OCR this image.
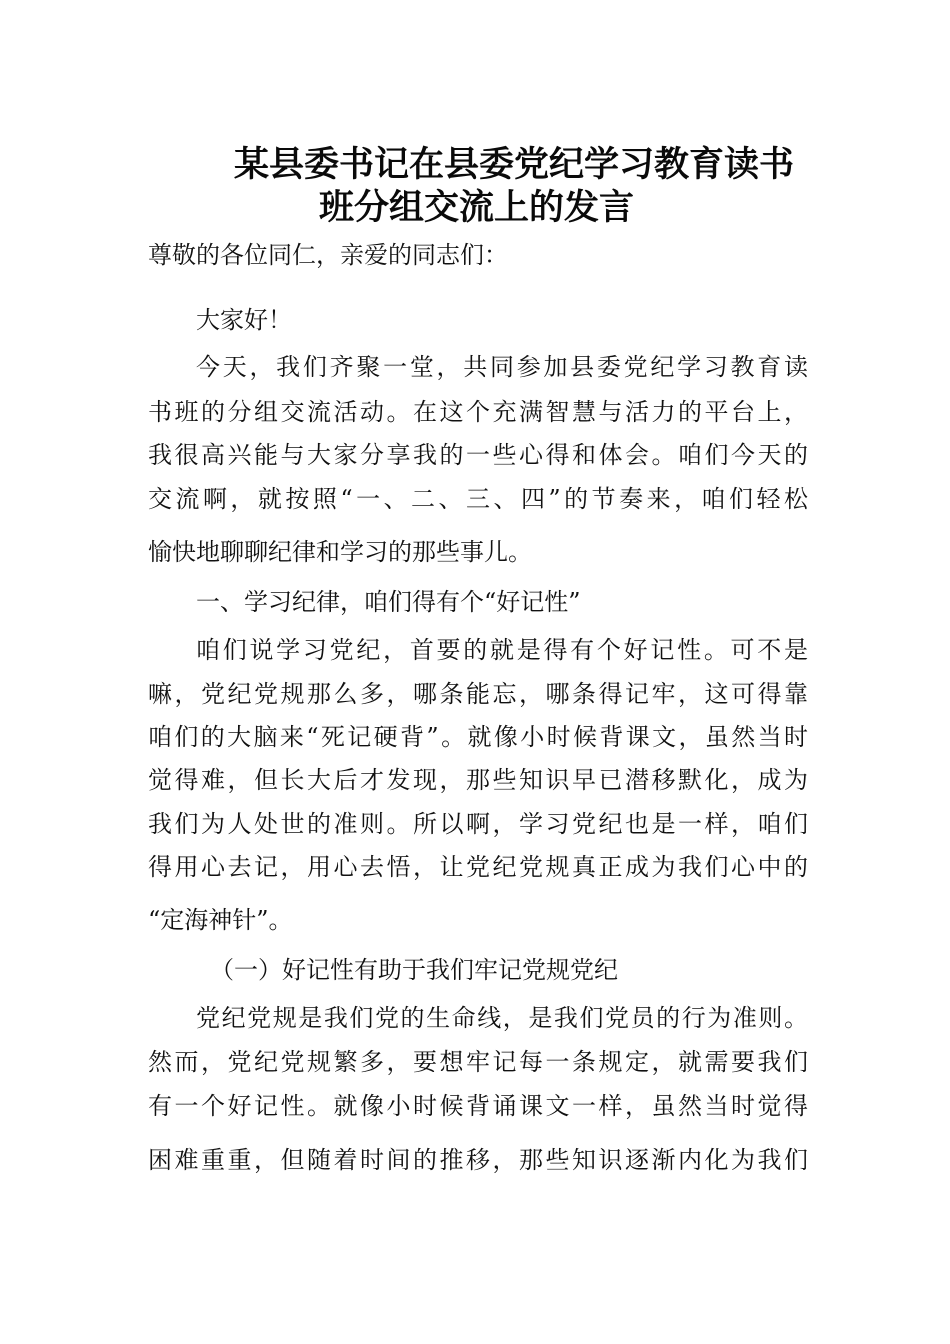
某县委书记在县委党纪学习教育读书
班分组交流上的发言
尊敬的各位同仁，亲爱的同志们：
大家好！
今天，我们齐聚一堂，共同参加县委党纪学习教育读
书班的分组交流活动。在这个充满智慧与活力的平台上，
我很高兴能与大家分享我的一些心得和体会。咱们今天的
交流啊，就按照“一、二、三、四”的节奏来，咱们轻松
愉快地聊聊纪律和学习的那些事儿。
一、学习纪律，咱们得有个“好记性”
咱们说学习党纪，首要的就是得有个好记性。可不是
嘛，党纪党规那么多，哪条能忘，哪条得记牢，这可得靠
咱们的大脑来“死记硬背”。就像小时候背课文，虽然当时
觉得难，但长大后才发现，那些知识早已潜移默化，成为
我们为人处世的准则。所以啊，学习党纪也是一样，咱们
得用心去记，用心去悟，让党纪党规真正成为我们心中的
“定海神针”。
（一）好记性有助于我们牢记党规党纪
党纪党规是我们党的生命线，是我们党员的行为准则。
然而，党纪党规繁多，要想牢记每一条规定，就需要我们
有一个好记性。就像小时候背诵课文一样，虽然当时觉得
困难重重，但随着时间的推移，那些知识逐渐内化为我们
